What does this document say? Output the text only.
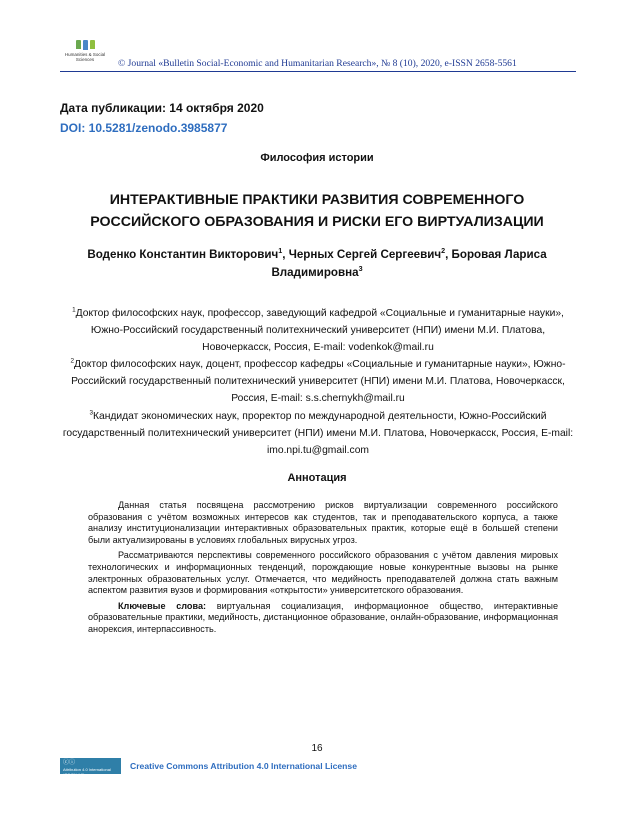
Humanities & Social Sciences	© Journal «Bulletin Social-Economic and Humanitarian Research», № 8 (10), 2020, e-ISSN 2658-5561
Дата публикации: 14 октября 2020
DOI: 10.5281/zenodo.3985877
Философия истории
ИНТЕРАКТИВНЫЕ ПРАКТИКИ РАЗВИТИЯ СОВРЕМЕННОГО РОССИЙСКОГО ОБРАЗОВАНИЯ И РИСКИ ЕГО ВИРТУАЛИЗАЦИИ
Воденко Константин Викторович$^1$, Черных Сергей Сергеевич$^2$, Боровая Лариса Владимировна$^3$
$^1$Доктор философских наук, профессор, заведующий кафедрой «Социальные и гуманитарные науки», Южно-Российский государственный политехнический университет (НПИ) имени М.И. Платова, Новочеркасск, Россия, E-mail: vodenkok@mail.ru
$^2$Доктор философских наук, доцент, профессор кафедры «Социальные и гуманитарные науки», Южно-Российский государственный политехнический университет (НПИ) имени М.И. Платова, Новочеркасск, Россия, E-mail: s.s.chernykh@mail.ru
$^3$Кандидат экономических наук, проректор по международной деятельности, Южно-Российский государственный политехнический университет (НПИ) имени М.И. Платова, Новочеркасск, Россия, E-mail: imo.npi.tu@gmail.com
Аннотация

Данная статья посвящена рассмотрению рисков виртуализации современного российского образования с учётом возможных интересов как студентов, так и преподавательского корпуса, а также анализу институционализации интерактивных образовательных практик, которые ещё в большей степени были актуализированы в условиях глобальных вирусных угроз.

Рассматриваются перспективы современного российского образования с учётом давления мировых технологических и информационных тенденций, порождающие новые конкурентные вызовы на рынке электронных образовательных услуг. Отмечается, что медийность преподавателей должна стать важным аспектом развития вузов и формирования «открытости» университетского образования.

Ключевые слова: виртуальная социализация, информационное общество, интерактивные образовательные практики, медийность, дистанционное образование, онлайн-образование, информационная анорексия, интерпассивность.

16
ⓒⓘ
Attribution 4.0 International (CC BY 4.0)
Creative Commons Attribution 4.0 International License
